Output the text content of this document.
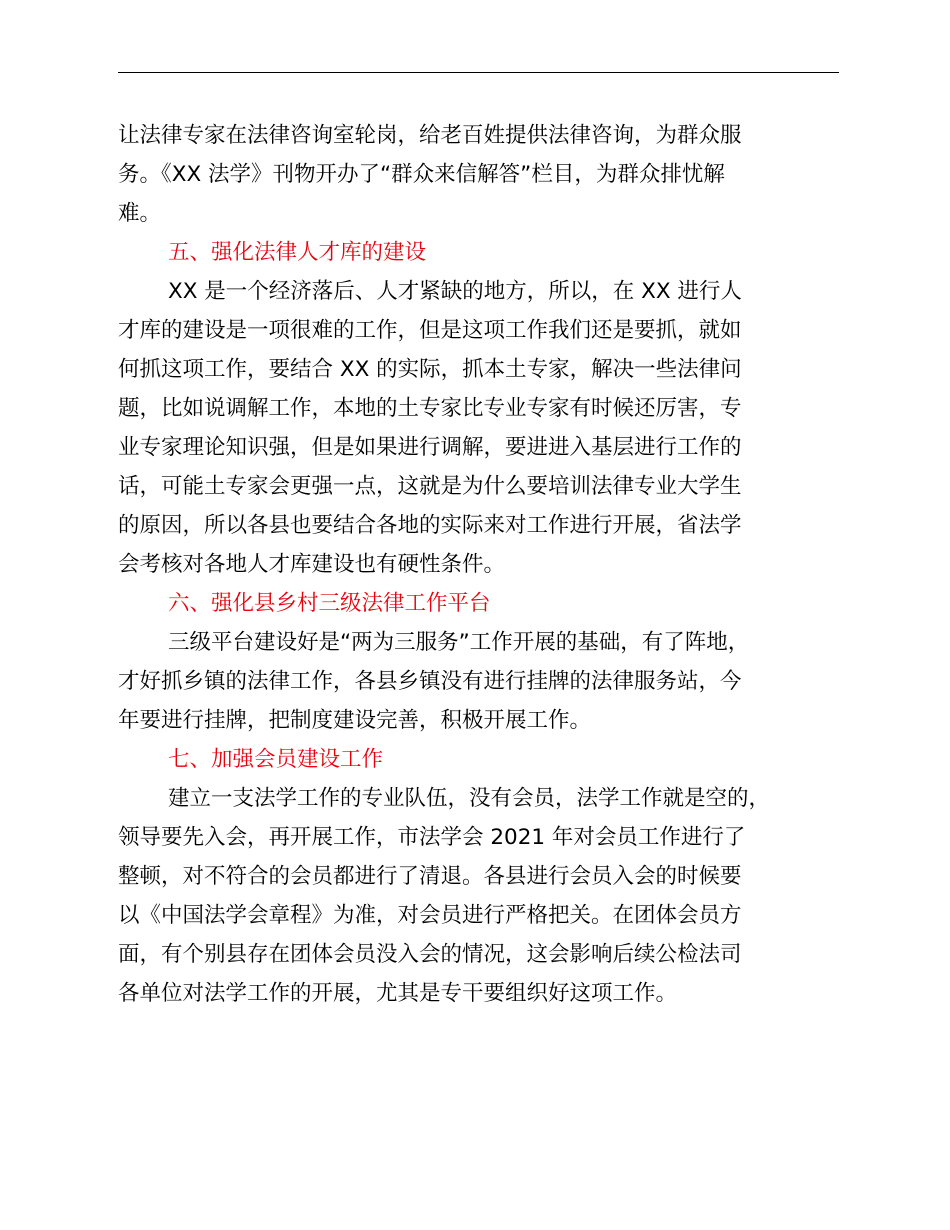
让法律专家在法律咨询室轮岗，给老百姓提供法律咨询，为群众服
务。《XX 法学》刊物开办了“群众来信解答”栏目，为群众排忧解
难。
五、强化法律人才库的建设
XX 是一个经济落后、人才紧缺的地方，所以，在 XX 进行人
才库的建设是一项很难的工作，但是这项工作我们还是要抓，就如
何抓这项工作，要结合 XX 的实际，抓本土专家，解决一些法律问
题，比如说调解工作，本地的土专家比专业专家有时候还厉害，专
业专家理论知识强，但是如果进行调解，要进进入基层进行工作的
话，可能土专家会更强一点，这就是为什么要培训法律专业大学生
的原因，所以各县也要结合各地的实际来对工作进行开展，省法学
会考核对各地人才库建设也有硬性条件。
六、强化县乡村三级法律工作平台
三级平台建设好是“两为三服务”工作开展的基础，有了阵地，
才好抓乡镇的法律工作，各县乡镇没有进行挂牌的法律服务站，今
年要进行挂牌，把制度建设完善，积极开展工作。
七、加强会员建设工作
建立一支法学工作的专业队伍，没有会员，法学工作就是空的，
领导要先入会，再开展工作，市法学会 2021 年对会员工作进行了
整顿，对不符合的会员都进行了清退。各县进行会员入会的时候要
以《中国法学会章程》为准，对会员进行严格把关。在团体会员方
面，有个别县存在团体会员没入会的情况，这会影响后续公检法司
各单位对法学工作的开展，尤其是专干要组织好这项工作。
